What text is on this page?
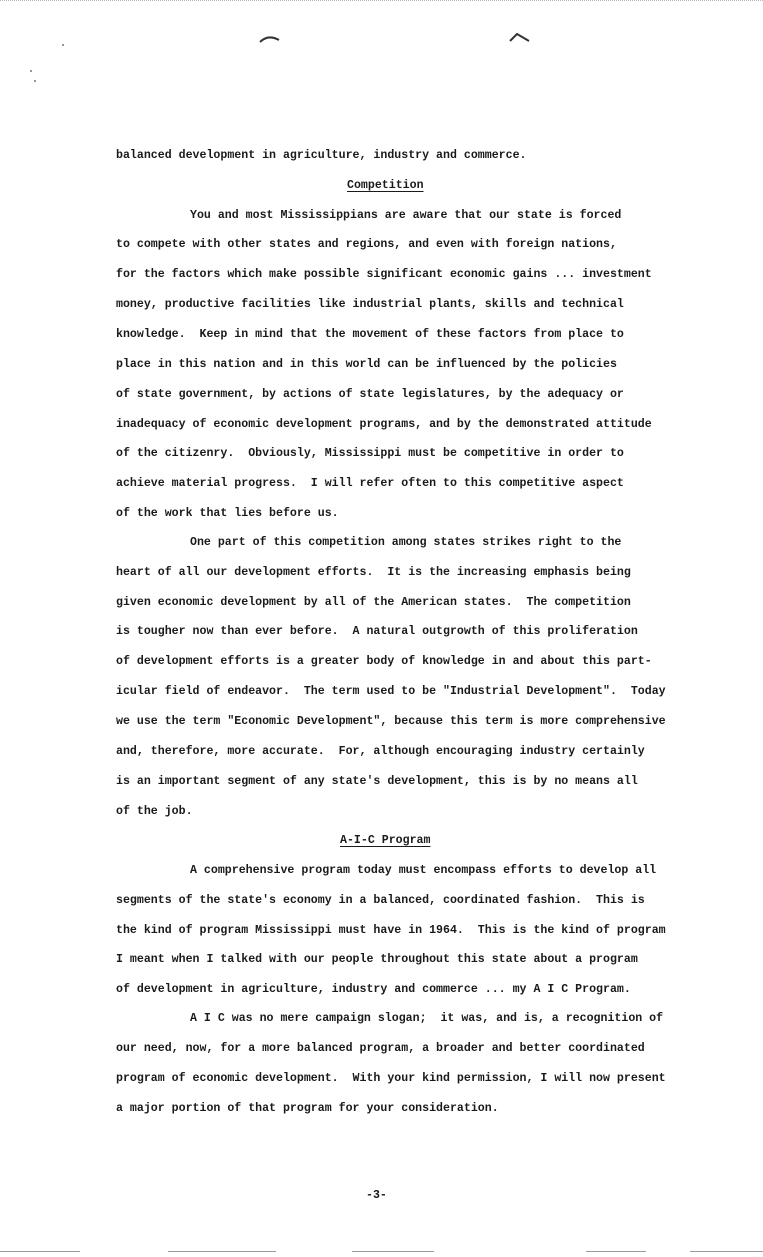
balanced development in agriculture, industry and commerce.
Competition
You and most Mississippians are aware that our state is forced
to compete with other states and regions, and even with foreign nations,
for the factors which make possible significant economic gains ... investment
money, productive facilities like industrial plants, skills and technical
knowledge.  Keep in mind that the movement of these factors from place to
place in this nation and in this world can be influenced by the policies
of state government, by actions of state legislatures, by the adequacy or
inadequacy of economic development programs, and by the demonstrated attitude
of the citizenry.  Obviously, Mississippi must be competitive in order to
achieve material progress.  I will refer often to this competitive aspect
of the work that lies before us.
One part of this competition among states strikes right to the
heart of all our development efforts.  It is the increasing emphasis being
given economic development by all of the American states.  The competition
is tougher now than ever before.  A natural outgrowth of this proliferation
of development efforts is a greater body of knowledge in and about this part-
icular field of endeavor.  The term used to be "Industrial Development".  Today
we use the term "Economic Development", because this term is more comprehensive
and, therefore, more accurate.  For, although encouraging industry certainly
is an important segment of any state's development, this is by no means all
of the job.
A-I-C Program
A comprehensive program today must encompass efforts to develop all
segments of the state's economy in a balanced, coordinated fashion.  This is
the kind of program Mississippi must have in 1964.  This is the kind of program
I meant when I talked with our people throughout this state about a program
of development in agriculture, industry and commerce ... my A I C Program.
A I C was no mere campaign slogan;  it was, and is, a recognition of
our need, now, for a more balanced program, a broader and better coordinated
program of economic development.  With your kind permission, I will now present
a major portion of that program for your consideration.
-3-
